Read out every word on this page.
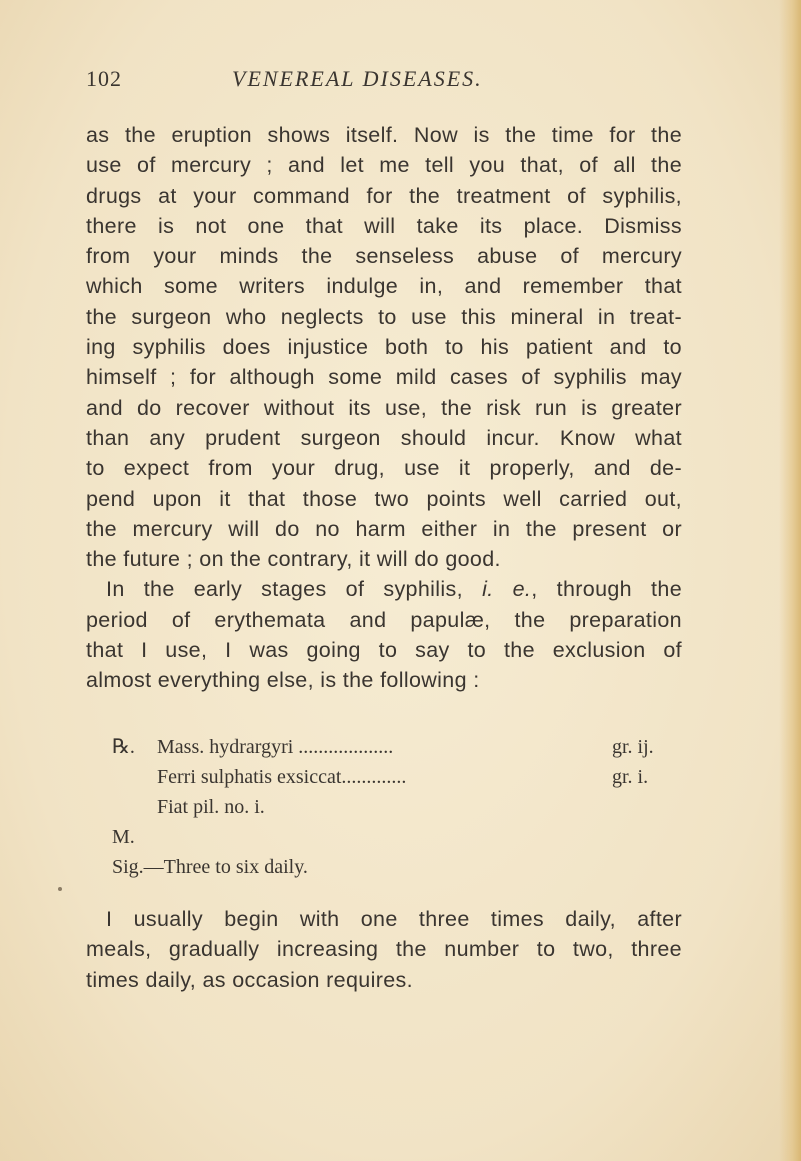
102	VENEREAL DISEASES.
as the eruption shows itself. Now is the time for the
use of mercury ; and let me tell you that, of all the
drugs at your command for the treatment of syphilis,
there is not one that will take its place. Dismiss
from your minds the senseless abuse of mercury
which some writers indulge in, and remember that
the surgeon who neglects to use this mineral in treat-
ing syphilis does injustice both to his patient and to
himself ; for although some mild cases of syphilis may
and do recover without its use, the risk run is greater
than any prudent surgeon should incur. Know what
to expect from your drug, use it properly, and de-
pend upon it that those two points well carried out,
the mercury will do no harm either in the present or
the future ; on the contrary, it will do good.
In the early stages of syphilis, i. e., through the
period of erythemata and papulæ, the preparation
that I use, I was going to say to the exclusion of
almost everything else, is the following :
℞. Mass. hydrargyri ...................	gr. ij.
Ferri sulphatis exsiccat.............	gr. i.
Fiat pil. no. i.
M.
Sig.—Three to six daily.
I usually begin with one three times daily, after
meals, gradually increasing the number to two, three
times daily, as occasion requires.
